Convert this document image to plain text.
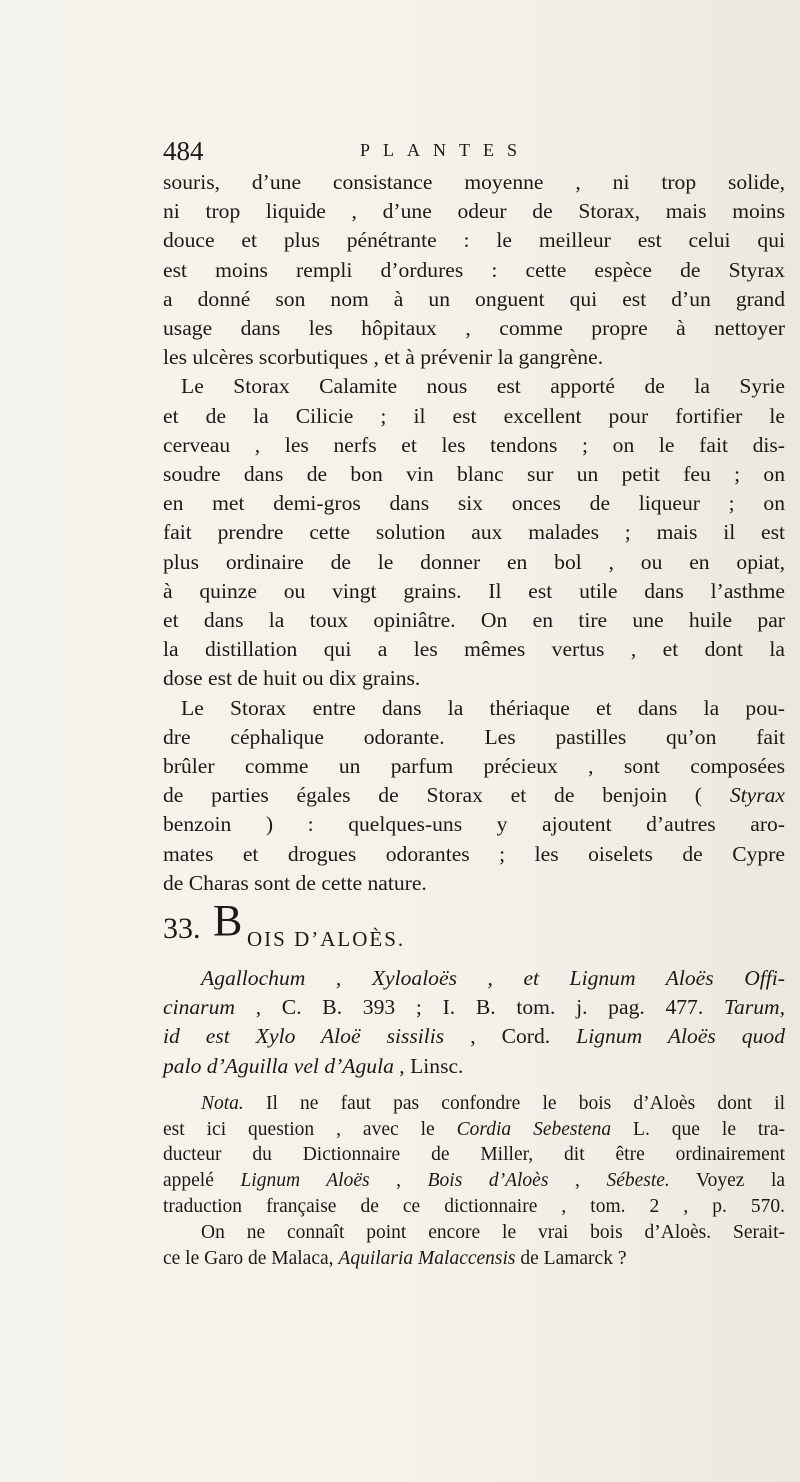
484	PLANTES

souris, d’une consistance moyenne , ni trop solide,

ni trop liquide , d’une odeur de Storax, mais moins

douce et plus pénétrante : le meilleur est celui qui

est moins rempli d’ordures : cette espèce de Styrax

a donné son nom à un onguent qui est d’un grand

usage dans les hôpitaux , comme propre à nettoyer

les ulcères scorbutiques , et à prévenir la gangrène.

Le Storax Calamite nous est apporté de la Syrie

et de la Cilicie ; il est excellent pour fortifier le

cerveau , les nerfs et les tendons ; on le fait dis-

soudre dans de bon vin blanc sur un petit feu ; on

en met demi-gros dans six onces de liqueur ; on

fait prendre cette solution aux malades ; mais il est

plus ordinaire de le donner en bol , ou en opiat,

à quinze ou vingt grains. Il est utile dans l’asthme

et dans la toux opiniâtre. On en tire une huile par

la distillation qui a les mêmes vertus , et dont la

dose est de huit ou dix grains.

Le Storax entre dans la thériaque et dans la pou-

dre céphalique odorante. Les pastilles qu’on fait

brûler comme un parfum précieux , sont composées

de parties égales de Storax et de benjoin ( Styrax

benzoin ) : quelques-uns y ajoutent d’autres aro-

mates et drogues odorantes ; les oiselets de Cypre

de Charas sont de cette nature.

33. B OIS D’ALOÈS.

Agallochum , Xyloaloës , et Lignum Aloës Offi-

cinarum , C. B. 393 ; I. B. tom. j. pag. 477. Tarum,

id est Xylo Aloë sissilis , Cord. Lignum Aloës quod

palo d’Aguilla vel d’Agula , Linsc.

Nota. Il ne faut pas confondre le bois d’Aloès dont il

est ici question , avec le Cordia Sebestena L. que le tra-

ducteur du Dictionnaire de Miller, dit être ordinairement

appelé Lignum Aloës , Bois d’Aloès , Sébeste. Voyez la

traduction française de ce dictionnaire , tom. 2 , p. 570.

On ne connaît point encore le vrai bois d’Aloès. Serait-

ce le Garo de Malaca, Aquilaria Malaccensis de Lamarck ?
